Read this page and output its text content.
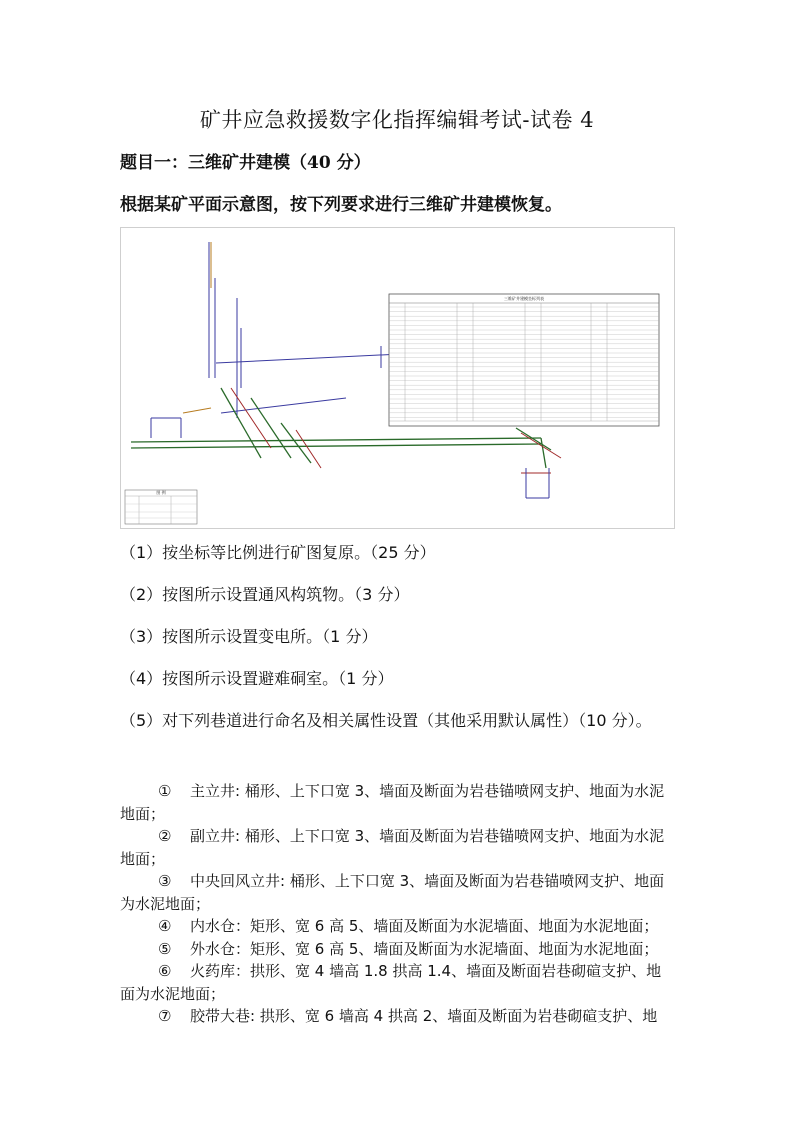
矿井应急救援数字化指挥编辑考试-试卷 4
题目一：三维矿井建模（40 分）
根据某矿平面示意图，按下列要求进行三维矿井建模恢复。
三维矿井建模坐标列表
图 例
（1）按坐标等比例进行矿图复原。（25 分）
（2）按图所示设置通风构筑物。（3 分）
（3）按图所示设置变电所。（1 分）
（4）按图所示设置避难硐室。（1 分）
（5）对下列巷道进行命名及相关属性设置（其他采用默认属性）（10 分）。

① 主立井: 桶形、上下口宽 3、墙面及断面为岩巷锚喷网支护、地面为水泥地面；

② 副立井: 桶形、上下口宽 3、墙面及断面为岩巷锚喷网支护、地面为水泥地面；

③ 中央回风立井: 桶形、上下口宽 3、墙面及断面为岩巷锚喷网支护、地面为水泥地面；

④ 内水仓：矩形、宽 6 高 5、墙面及断面为水泥墙面、地面为水泥地面；

⑤ 外水仓：矩形、宽 6 高 5、墙面及断面为水泥墙面、地面为水泥地面；

⑥ 火药库：拱形、宽 4 墙高 1.8 拱高 1.4、墙面及断面岩巷砌碹支护、地面为水泥地面；

⑦ 胶带大巷: 拱形、宽 6 墙高 4 拱高 2、墙面及断面为岩巷砌碹支护、地
